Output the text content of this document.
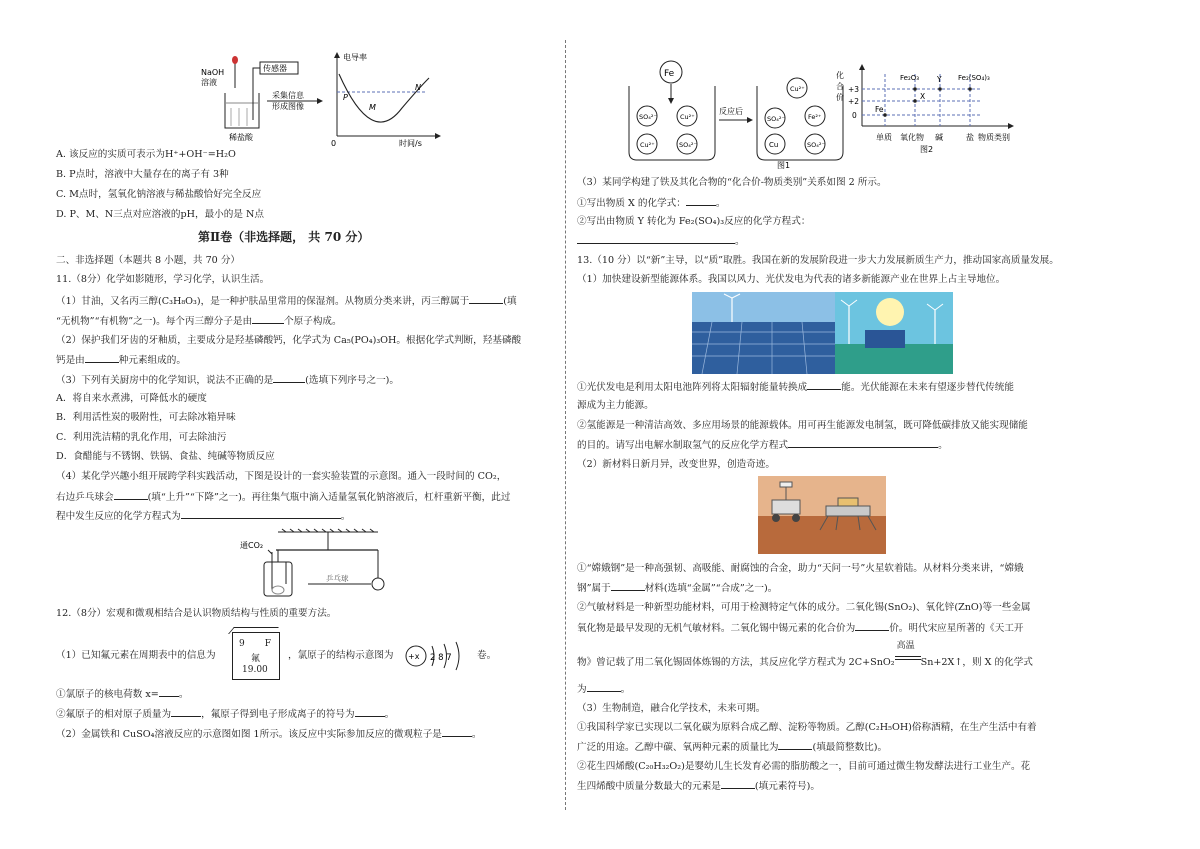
NaOH
溶液
传感器
稀盐酸
采集信息
形成图像
电导率
时间/s
0
P
M
N
A. 该反应的实质可表示为H⁺+OH⁻=H₂O
B. P点时，溶液中大量存在的离子有 3种
C. M点时，氢氧化钠溶液与稀盐酸恰好完全反应
D. P、M、N三点对应溶液的pH，最小的是 N点
第Ⅱ卷（非选择题， 共 70 分）
二、非选择题（本题共 8 小题，共 70 分）
11.（8分）化学如影随形，学习化学，认识生活。
（1）甘油，又名丙三醇(C₃H₈O₃)，是一种护肤品里常用的保湿剂。从物质分类来讲，丙三醇属于	(填
“无机物”“有机物”之一)。每个丙三醇分子是由	个原子构成。
（2）保护我们牙齿的牙釉质，主要成分是羟基磷酸钙，化学式为 Ca₅(PO₄)₃OH。根据化学式判断，羟基磷酸
钙是由	种元素组成的。
（3）下列有关厨房中的化学知识，说法不正确的是	(选填下列序号之一)。
A．将自来水煮沸，可降低水的硬度
B．利用活性炭的吸附性，可去除冰箱异味
C．利用洗洁精的乳化作用，可去除油污
D．食醋能与不锈钢、铁锅、食盐、纯碱等物质反应
（4）某化学兴趣小组开展跨学科实践活动，下图是设计的一套实验装置的示意图。通入一段时间的 CO₂，
右边乒乓球会	(填“上升”“下降”之一)。再往集气瓶中滴入适量氢氧化钠溶液后，杠杆重新平衡，此过
程中发生反应的化学方程式为	。
通CO₂
乒乓球
12.（8分）宏观和微观相结合是认识物质结构与性质的重要方法。
（1）已知氟元素在周期表中的信息为
9 F
氟
19.00
，氯原子的结构示意图为 +x 2 8 7	卷。
①氯原子的核电荷数 x= 。
②氟原子的相对原子质量为	，氟原子得到电子形成离子的符号为	。
（2）金属铁和 CuSO₄溶液反应的示意图如图 1所示。该反应中实际参加反应的微观粒子是	。
Fe
SO₄²⁻	Cu²⁺
Cu²⁺	SO₄²⁻
反应后
Cu²⁺
SO₄²⁻	Fe²⁺
Cu	SO₄²⁻
图1
化
合
价
+3
+2
0
Fe₂O₃ Y Fe₂(SO₄)₃
X
Fe
单质 氧化物 碱	盐 物质类别
图2
（3）某同学构建了铁及其化合物的“化合价-物质类别”关系如图 2 所示。
①写出物质 X 的化学式：	。
②写出由物质 Y 转化为 Fe₂(SO₄)₃反应的化学方程式：
。
13.（10 分）以“新”主导，以“质”取胜。我国在新的发展阶段进一步大力发展新质生产力，推动国家高质量发展。
（1）加快建设新型能源体系。我国以风力、光伏发电为代表的诸多新能源产业在世界上占主导地位。
①光伏发电是利用太阳电池阵列将太阳辐射能量转换成	能。光伏能源在未来有望逐步替代传统能
源成为主力能源。
②氢能源是一种清洁高效、多应用场景的能源载体。用可再生能源发电制氢，既可降低碳排放又能实现储能
的目的。请写出电解水制取氢气的反应化学方程式	。
（2）新材料日新月异，改变世界，创造奇迹。
①“嫦娥钢”是一种高强韧、高吸能、耐腐蚀的合金，助力“天问一号”火星软着陆。从材料分类来讲，“嫦娥
钢”属于	材料(选填“金属”“合成”之一)。
②气敏材料是一种新型功能材料，可用于检测特定气体的成分。二氧化锡(SnO₂)、氧化锌(ZnO)等一些金属
氧化物是最早发现的无机气敏材料。二氧化锡中锡元素的化合价为	价。明代宋应星所著的《天工开
物》曾记载了用二氧化锡固体炼锡的方法，其反应化学方程式为 2C+SnO₂
高温
Sn+2X↑，则 X 的化学式
为	。
（3）生物制造，融合化学技术，未来可期。
①我国科学家已实现以二氧化碳为原料合成乙醇、淀粉等物质。乙醇(C₂H₅OH)俗称酒精，在生产生活中有着
广泛的用途。乙醇中碳、氧两种元素的质量比为	(填最简整数比)。
②花生四烯酸(C₂₀H₃₂O₂)是婴幼儿生长发育必需的脂肪酸之一，目前可通过微生物发酵法进行工业生产。花
生四烯酸中质量分数最大的元素是	(填元素符号)。
